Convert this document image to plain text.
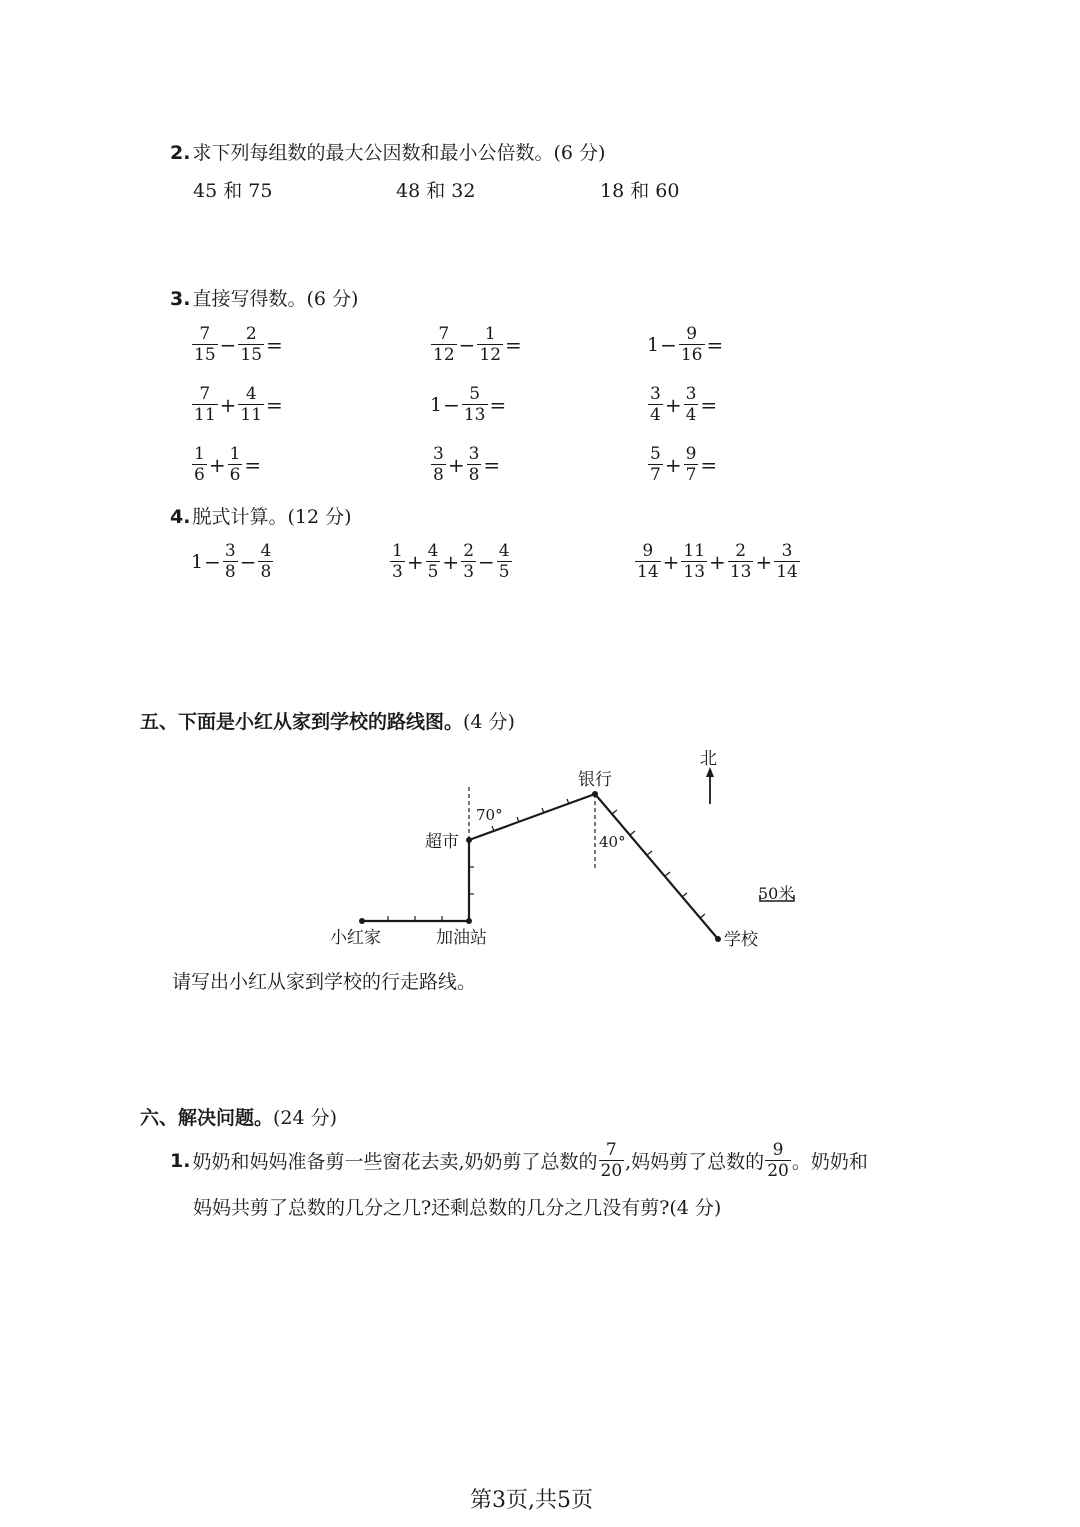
2. 求下列每组数的最大公因数和最小公倍数。(6 分)
45 和 75	48 和 32	18 和 60
3. 直接写得数。(6 分)
$\frac{7}{15} - \frac{2}{15}$ =	$\frac{7}{12} - \frac{1}{12}$ =	$1 - \frac{9}{16}$ =
$\frac{7}{11} + \frac{4}{11}$ =	$1 - \frac{5}{13}$ =	$\frac{3}{4} + \frac{3}{4}$ =
$\frac{1}{6} + \frac{1}{6}$ =	$\frac{3}{8} + \frac{3}{8}$ =	$\frac{5}{7} + \frac{9}{7}$ =
4. 脱式计算。(12 分)
$1 - \frac{3}{8} - \frac{4}{8}$	$\frac{1}{3} + \frac{4}{5} + \frac{2}{3} - \frac{4}{5}$	$\frac{9}{14} + \frac{11}{13} + \frac{2}{13} + \frac{3}{14}$
五、下面是小红从家到学校的路线图。(4 分)
北
银行
超市
小红家	加油站	学校
70°
40°
50米
请写出小红从家到学校的行走路线。
六、解决问题。(24 分)
1. 奶奶和妈妈准备剪一些窗花去卖,奶奶剪了总数的 $\frac{7}{20}$ ,妈妈剪了总数的 $\frac{9}{20}$ 。奶奶和
妈妈共剪了总数的几分之几?还剩总数的几分之几没有剪?(4 分)
第3页,共5页
